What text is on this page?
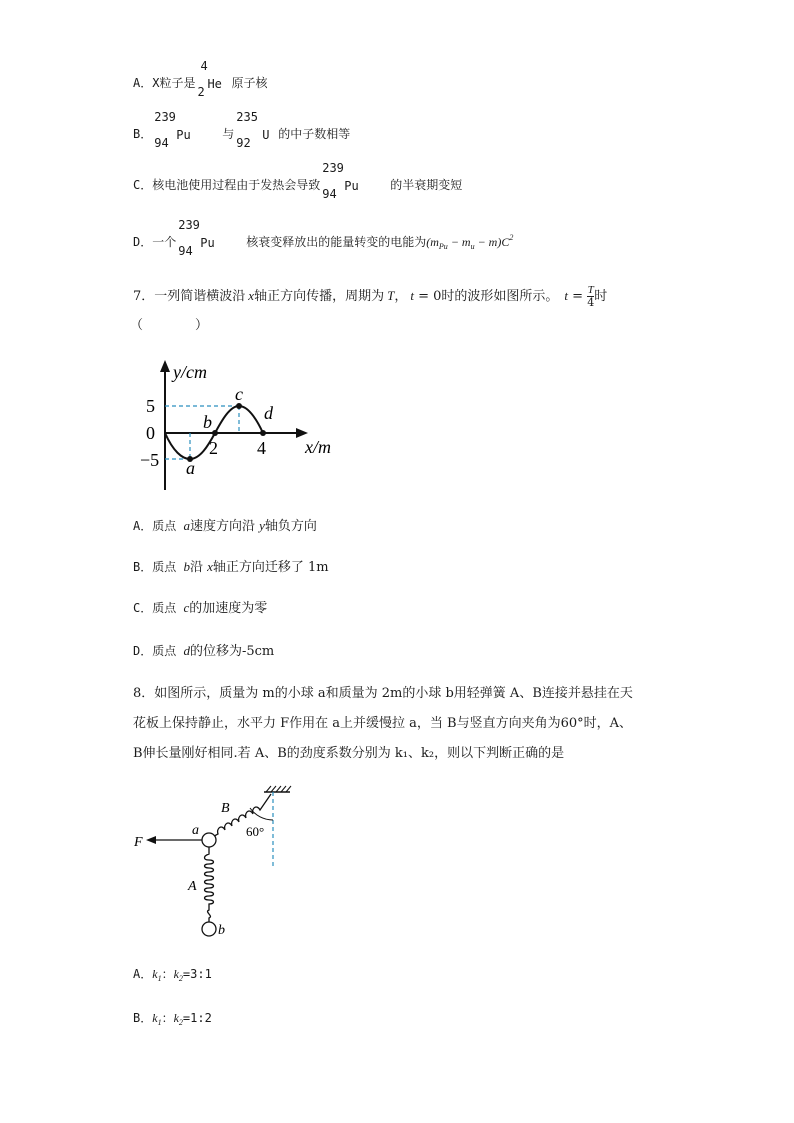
A．X粒子是
4
2
He 原子核
B．
239
94
Pu	与
235
92
U 的中子数相等
C．核电池使用过程由于发热会导致
239
94
Pu	的半衰期变短
D．一个
239
94
Pu	核衰变释放出的能量转变的电能为$(m_{Pu} - m_u - m)C^2$
7．一列简谐横波沿 x轴正方向传播，周期为 T， t = 0时的波形如图所示。 $t = \frac{T}{4}$ 时
（　　　　）
y/cm
x/m
5
0
−5
2 4
a
b
c
d
A．质点 a速度方向沿 y轴负方向
B．质点 b沿 x轴正方向迁移了 1m
C．质点 c的加速度为零
D．质点 d的位移为-5cm
8．如图所示，质量为 m的小球 a和质量为 2m的小球 b用轻弹簧 A、B连接并悬挂在天
花板上保持静止，水平力 F作用在 a上并缓慢拉 a，当 B与竖直方向夹角为60°时，A、
B伸长量刚好相同.若 A、B的劲度系数分别为 k₁、k₂，则以下判断正确的是
F
a
b
A
B
60°
A．$k_1$：$k_2=3:1$
B．$k_1$：$k_2=1:2$
